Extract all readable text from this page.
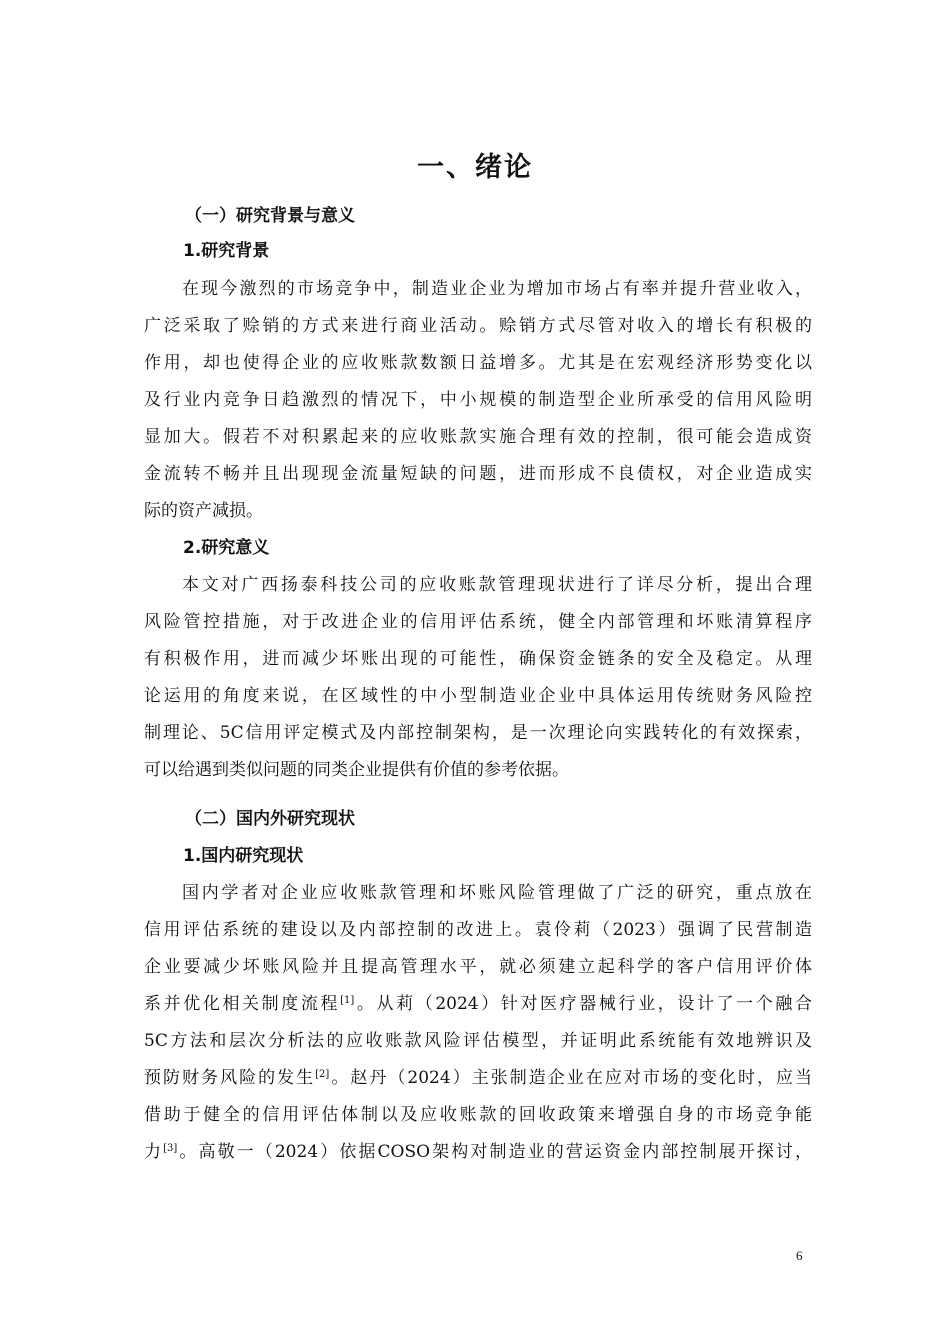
一、绪论
（一）研究背景与意义
1.研究背景
在现今激烈的市场竞争中，制造业企业为增加市场占有率并提升营业收入，
广泛采取了赊销的方式来进行商业活动。赊销方式尽管对收入的增长有积极的
作用，却也使得企业的应收账款数额日益增多。尤其是在宏观经济形势变化以
及行业内竞争日趋激烈的情况下，中小规模的制造型企业所承受的信用风险明
显加大。假若不对积累起来的应收账款实施合理有效的控制，很可能会造成资
金流转不畅并且出现现金流量短缺的问题，进而形成不良债权，对企业造成实
际的资产减损。
2.研究意义
本文对广西扬泰科技公司的应收账款管理现状进行了详尽分析，提出合理
风险管控措施，对于改进企业的信用评估系统，健全内部管理和坏账清算程序
有积极作用，进而减少坏账出现的可能性，确保资金链条的安全及稳定。从理
论运用的角度来说，在区域性的中小型制造业企业中具体运用传统财务风险控
制理论、5C信用评定模式及内部控制架构，是一次理论向实践转化的有效探索，
可以给遇到类似问题的同类企业提供有价值的参考依据。
（二）国内外研究现状
1.国内研究现状
国内学者对企业应收账款管理和坏账风险管理做了广泛的研究，重点放在
信用评估系统的建设以及内部控制的改进上。袁伶莉（2023）强调了民营制造
企业要减少坏账风险并且提高管理水平，就必须建立起科学的客户信用评价体
系并优化相关制度流程[1]。从莉（2024）针对医疗器械行业，设计了一个融合
5C方法和层次分析法的应收账款风险评估模型，并证明此系统能有效地辨识及
预防财务风险的发生[2]。赵丹（2024）主张制造企业在应对市场的变化时，应当
借助于健全的信用评估体制以及应收账款的回收政策来增强自身的市场竞争能
力[3]。高敬一（2024）依据COSO架构对制造业的营运资金内部控制展开探讨，
6
